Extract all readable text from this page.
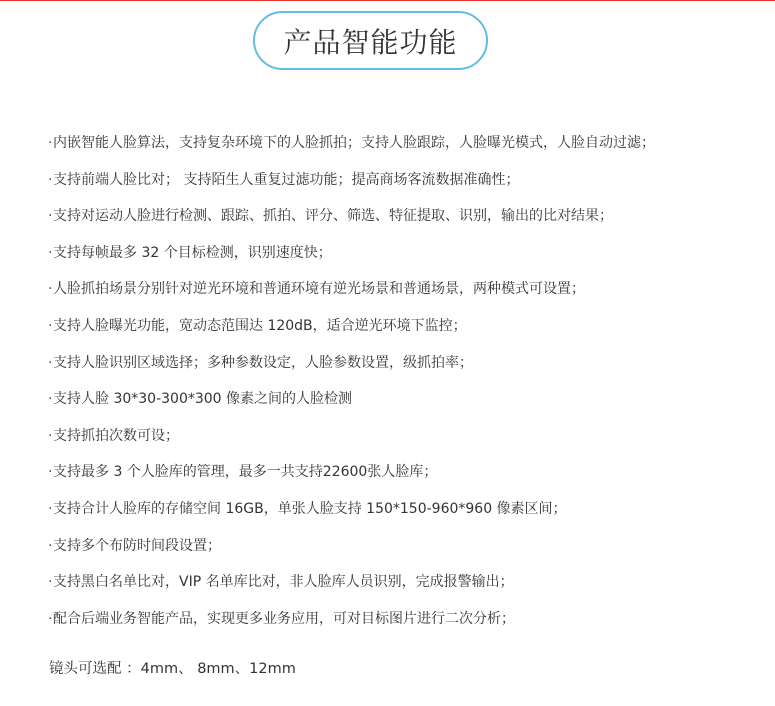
产品智能功能
·内嵌智能人脸算法，支持复杂环境下的人脸抓拍；支持人脸跟踪，人脸曝光模式，人脸自动过滤；
·支持前端人脸比对； 支持陌生人重复过滤功能；提高商场客流数据准确性；
·支持对运动人脸进行检测、跟踪、抓拍、评分、筛选、特征提取、识别，输出的比对结果；
·支持每帧最多 32 个目标检测，识别速度快；
·人脸抓拍场景分别针对逆光环境和普通环境有逆光场景和普通场景，两种模式可设置；
·支持人脸曝光功能，宽动态范围达 120dB，适合逆光环境下监控；
·支持人脸识别区域选择；多种参数设定，人脸参数设置，级抓拍率；
·支持人脸 30*30-300*300 像素之间的人脸检测
·支持抓拍次数可设；
·支持最多 3 个人脸库的管理，最多一共支持22600张人脸库；
·支持合计人脸库的存储空间 16GB，单张人脸支持 150*150-960*960 像素区间；
·支持多个布防时间段设置；
·支持黑白名单比对，VIP 名单库比对，非人脸库人员识别，完成报警输出；
·配合后端业务智能产品，实现更多业务应用，可对目标图片进行二次分析；
镜头可选配 ：4mm、 8mm、12mm
